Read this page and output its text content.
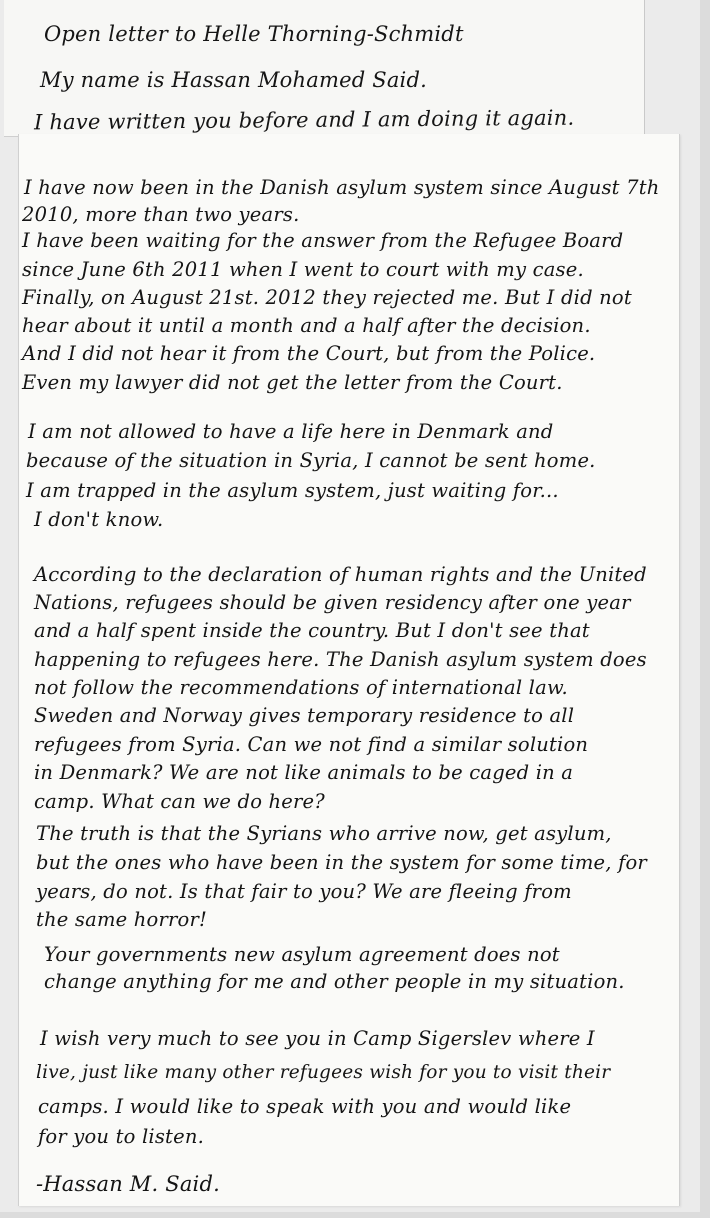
Open letter to Helle Thorning-Schmidt
My name is Hassan Mohamed Said.
I have written you before and I am doing it again.
I have now been in the Danish asylum system since August 7th
2010, more than two years.
I have been waiting for the answer from the Refugee Board
since June 6th 2011 when I went to court with my case.
Finally, on August 21st. 2012 they rejected me. But I did not
hear about it until a month and a half after the decision.
And I did not hear it from the Court, but from the Police.
Even my lawyer did not get the letter from the Court.
I am not allowed to have a life here in Denmark and
because of the situation in Syria, I cannot be sent home.
I am trapped in the asylum system, just waiting for...
I don't know.
According to the declaration of human rights and the United
Nations, refugees should be given residency after one year
and a half spent inside the country. But I don't see that
happening to refugees here. The Danish asylum system does
not follow the recommendations of international law.
Sweden and Norway gives temporary residence to all
refugees from Syria. Can we not find a similar solution
in Denmark? We are not like animals to be caged in a
camp. What can we do here?
The truth is that the Syrians who arrive now, get asylum,
but the ones who have been in the system for some time, for
years, do not. Is that fair to you? We are fleeing from
the same horror!
Your governments new asylum agreement does not
change anything for me and other people in my situation.
I wish very much to see you in Camp Sigerslev where I
live, just like many other refugees wish for you to visit their
camps. I would like to speak with you and would like
for you to listen.
-Hassan M. Said.
